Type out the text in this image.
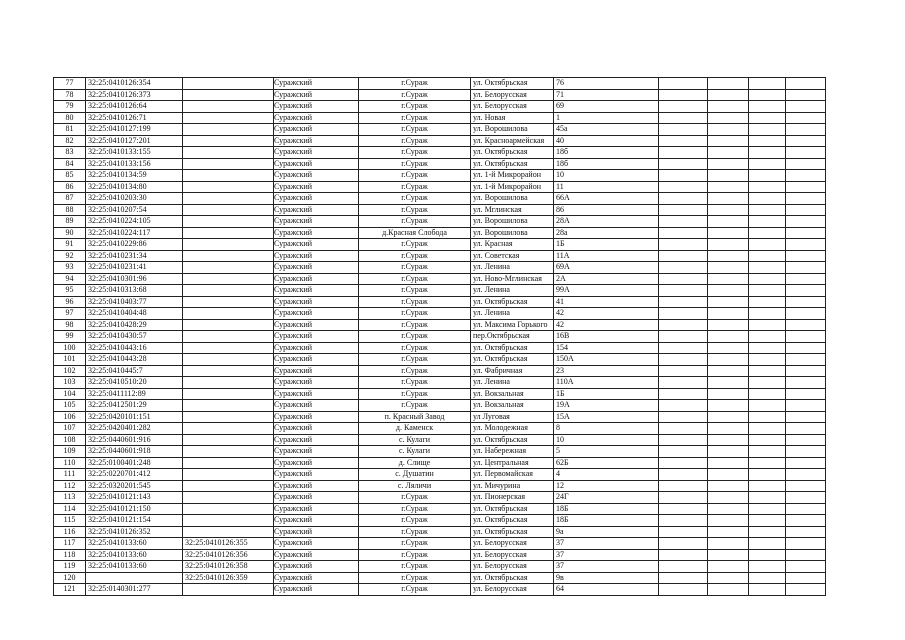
77	32:25:0410126:354		Суражский	г.Сураж	ул. Октябрьская	76				
78	32:25:0410126:373		Суражский	г.Сураж	ул. Белорусская	71				
79	32:25:0410126:64		Суражский	г.Сураж	ул. Белорусская	69				
80	32:25:0410126:71		Суражский	г.Сураж	ул. Новая	1				
81	32:25:0410127:199		Суражский	г.Сураж	ул. Ворошилова	45а				
82	32:25:0410127:201		Суражский	г.Сураж	ул. Красноармейская	40				
83	32:25:0410133:155		Суражский	г.Сураж	ул. Октябрьская	18б				
84	32:25:0410133:156		Суражский	г.Сураж	ул. Октябрьская	18б				
85	32:25:0410134:59		Суражский	г.Сураж	ул. 1-й Микрорайон	10				
86	32:25:0410134:80		Суражский	г.Сураж	ул. 1-й Микрорайон	11				
87	32:25:0410203:30		Суражский	г.Сураж	ул. Ворошилова	66А				
88	32:25:0410207:54		Суражский	г.Сураж	ул. Мглинская	86				
89	32:25:0410224:105		Суражский	г.Сураж	ул. Ворошилова	28А				
90	32:25:0410224:117		Суражский	д.Красная Слобода	ул. Ворошилова	28а				
91	32:25:0410229:86		Суражский	г.Сураж	ул. Красная	1Б				
92	32:25:0410231:34		Суражский	г.Сураж	ул. Советская	11А				
93	32:25:0410231:41		Суражский	г.Сураж	ул. Ленина	69А				
94	32:25:0410301:96		Суражский	г.Сураж	ул. Ново-Мглинская	2А				
95	32:25:0410313:68		Суражский	г.Сураж	ул. Ленина	99А				
96	32:25:0410403:77		Суражский	г.Сураж	ул. Октябрьская	41				
97	32:25:0410404:48		Суражский	г.Сураж	ул. Ленина	42				
98	32:25:0410428:29		Суражский	г.Сураж	ул. Максима Горького	42				
99	32:25:0410430:57		Суражский	г.Сураж	пер.Октябрьская	16В				
100	32:25:0410443:16		Суражский	г.Сураж	ул. Октябрьская	154				
101	32:25:0410443:28		Суражский	г.Сураж	ул. Октябрьская	150А				
102	32:25:0410445:7		Суражский	г.Сураж	ул. Фабричная	23				
103	32:25:0410510:20		Суражский	г.Сураж	ул. Ленина	110А				
104	32:25:0411112:89		Суражский	г.Сураж	ул. Вокзальная	1Б				
105	32:25:0412501:29		Суражский	г.Сураж	ул. Вокзальная	19А				
106	32:25:0420101:151		Суражский	п. Красный Завод	ул Луговая	15А				
107	32:25:0420401:282		Суражский	д. Каменск	ул. Молодежная	8				
108	32:25:0440601:916		Суражский	с. Кулаги	ул. Октябрьская	10				
109	32:25:0440601:918		Суражский	с. Кулаги	ул. Набережная	5				
110	32:25:0100401:248		Суражский	д. Слище	ул. Центральная	62Б				
111	32:25:0220701:412		Суражский	с. Душатин	ул. Первомайская	4				
112	32:25:0320201:545		Суражский	с. Ляличи	ул. Мичурина	12				
113	32:25:0410121:143		Суражский	г.Сураж	ул. Пионерская	24Г				
114	32:25:0410121:150		Суражский	г.Сураж	ул. Октябрьская	18Б				
115	32:25:0410121:154		Суражский	г.Сураж	ул. Октябрьская	18Б				
116	32:25:0410126:352		Суражский	г.Сураж	ул. Октябрьская	9а				
117	32:25:0410133:60	32:25:0410126:355	Суражский	г.Сураж	ул. Белорусская	37				
118	32:25:0410133:60	32:25:0410126:356	Суражский	г.Сураж	ул. Белорусская	37				
119	32:25:0410133:60	32:25:0410126:358	Суражский	г.Сураж	ул. Белорусская	37				
120		32:25:0410126:359	Суражский	г.Сураж	ул. Октябрьская	9в				
121	32:25:0140301:277		Суражский	г.Сураж	ул. Белорусская	64				
